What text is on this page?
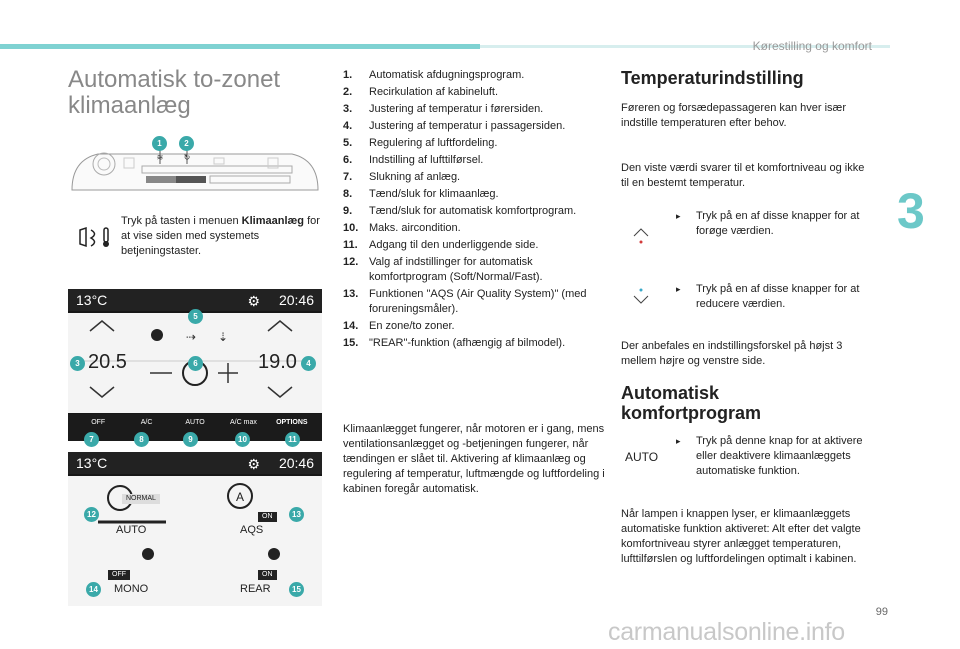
Kørestilling og komfort
3
Automatisk to-zonet
klimaanlæg
≋	↻
1	2
Tryk på tasten i menuen Klimaanlæg for at vise siden med systemets betjeningstaster.
13°C	⚙ 20:46
⇢ ⇣
20.5	19.0
OFF	A/C	AUTO	A/C max	OPTIONS
3	4
5
6
7	8	9	10	11
13°C	⚙ 20:46
A
NORMAL
ON
AUTO	AQS
OFF	ON
MONO	REAR
12	13
14	15
1.	Automatisk afdugningsprogram.
2.	Recirkulation af kabineluft.
3.	Justering af temperatur i førersiden.
4.	Justering af temperatur i passagersiden.
5.	Regulering af luftfordeling.
6.	Indstilling af lufttilførsel.
7.	Slukning af anlæg.
8.	Tænd/sluk for klimaanlæg.
9.	Tænd/sluk for automatisk komfortprogram.
10. Maks. aircondition.
11.	Adgang til den underliggende side.
12. Valg af indstillinger for automatisk komfortprogram (Soft/Normal/Fast).
13. Funktionen "AQS (Air Quality System)" (med forureningsmåler).
14. En zone/to zoner.
15. "REAR"-funktion (afhængig af bilmodel).
Klimaanlægget fungerer, når motoren er i gang, mens ventilationsanlægget og -betjeningen fungerer, når tændingen er slået til. Aktivering af klimaanlæg og regulering af temperatur, luftmængde og luftfordeling i kabinen foregår automatisk.
Temperaturindstilling
Føreren og forsædepassageren kan hver især indstille temperaturen efter behov.
Den viste værdi svarer til et komfortniveau og ikke til en bestemt temperatur.
▸ Tryk på en af disse knapper for at forøge værdien.
▸ Tryk på en af disse knapper for at reducere værdien.
Der anbefales en indstillingsforskel på højst 3 mellem højre og venstre side.
Automatisk
komfortprogram
AUTO
▸ Tryk på denne knap for at aktivere eller deaktivere klimaanlæggets automatiske funktion.
Når lampen i knappen lyser, er klimaanlæggets automatiske funktion aktiveret: Alt efter det valgte komfortniveau styrer anlægget temperaturen, lufttilførslen og luftfordelingen optimalt i kabinen.
99
carmanualsonline.info
